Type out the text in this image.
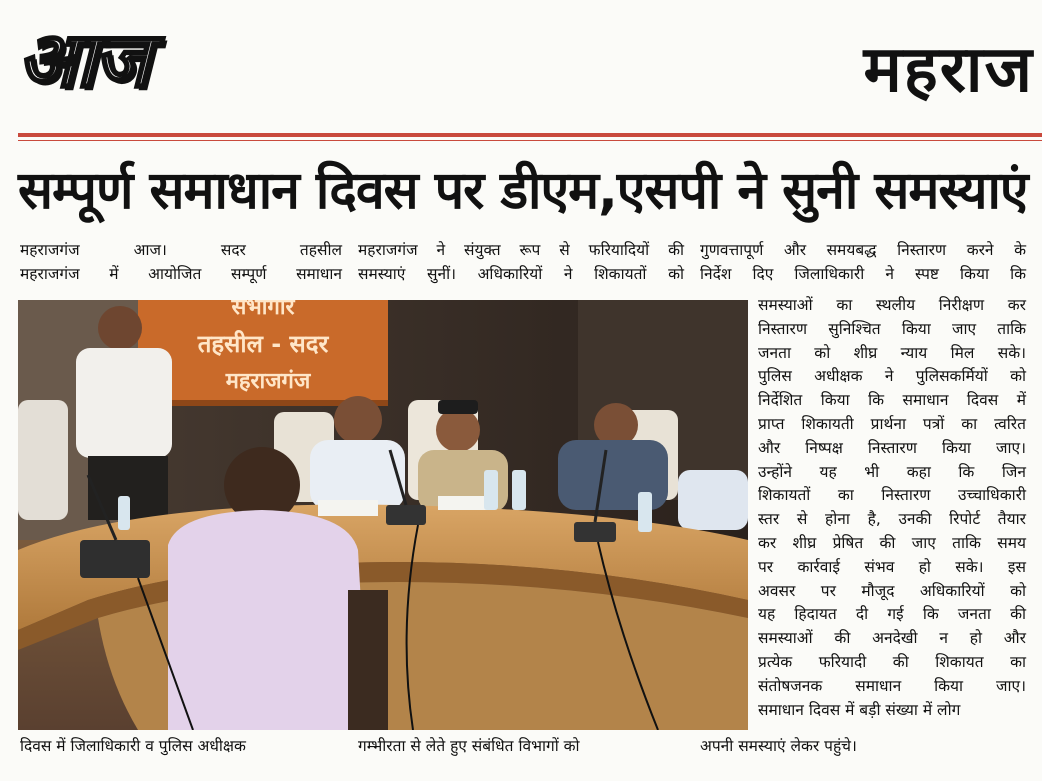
आज	महराज
सम्पूर्ण समाधान दिवस पर डीएम,एसपी ने सुनी समस्याएं
महराजगंज आज। सदर तहसील
महराजगंज में आयोजित सम्पूर्ण समाधान
महराजगंज ने संयुक्त रूप से फरियादियों की
समस्याएं सुनीं। अधिकारियों ने शिकायतों को
गुणवत्तापूर्ण और समयबद्ध निस्तारण करने के
निर्देश दिए जिलाधिकारी ने स्पष्ट किया कि
समस्याओं का स्थलीय निरीक्षण कर
निस्तारण सुनिश्चित किया जाए ताकि
जनता को शीघ्र न्याय मिल सके।
पुलिस अधीक्षक ने पुलिसकर्मियों को
निर्देशित किया कि समाधान दिवस में
प्राप्त शिकायती प्रार्थना पत्रों का त्वरित
और निष्पक्ष निस्तारण किया जाए।
उन्होंने यह भी कहा कि जिन
शिकायतों का निस्तारण उच्चाधिकारी
स्तर से होना है, उनकी रिपोर्ट तैयार
कर शीघ्र प्रेषित की जाए ताकि समय
पर कार्रवाई संभव हो सके। इस
अवसर पर मौजूद अधिकारियों को
यह हिदायत दी गई कि जनता की
समस्याओं की अनदेखी न हो और
प्रत्येक फरियादी की शिकायत का
संतोषजनक समाधान किया जाए।
समाधान दिवस में बड़ी संख्या में लोग
सभागार
तहसील - सदर
महराजगंज
दिवस में जिलाधिकारी व पुलिस अधीक्षक	गम्भीरता से लेते हुए संबंधित विभागों को	अपनी समस्याएं लेकर पहुंचे।
